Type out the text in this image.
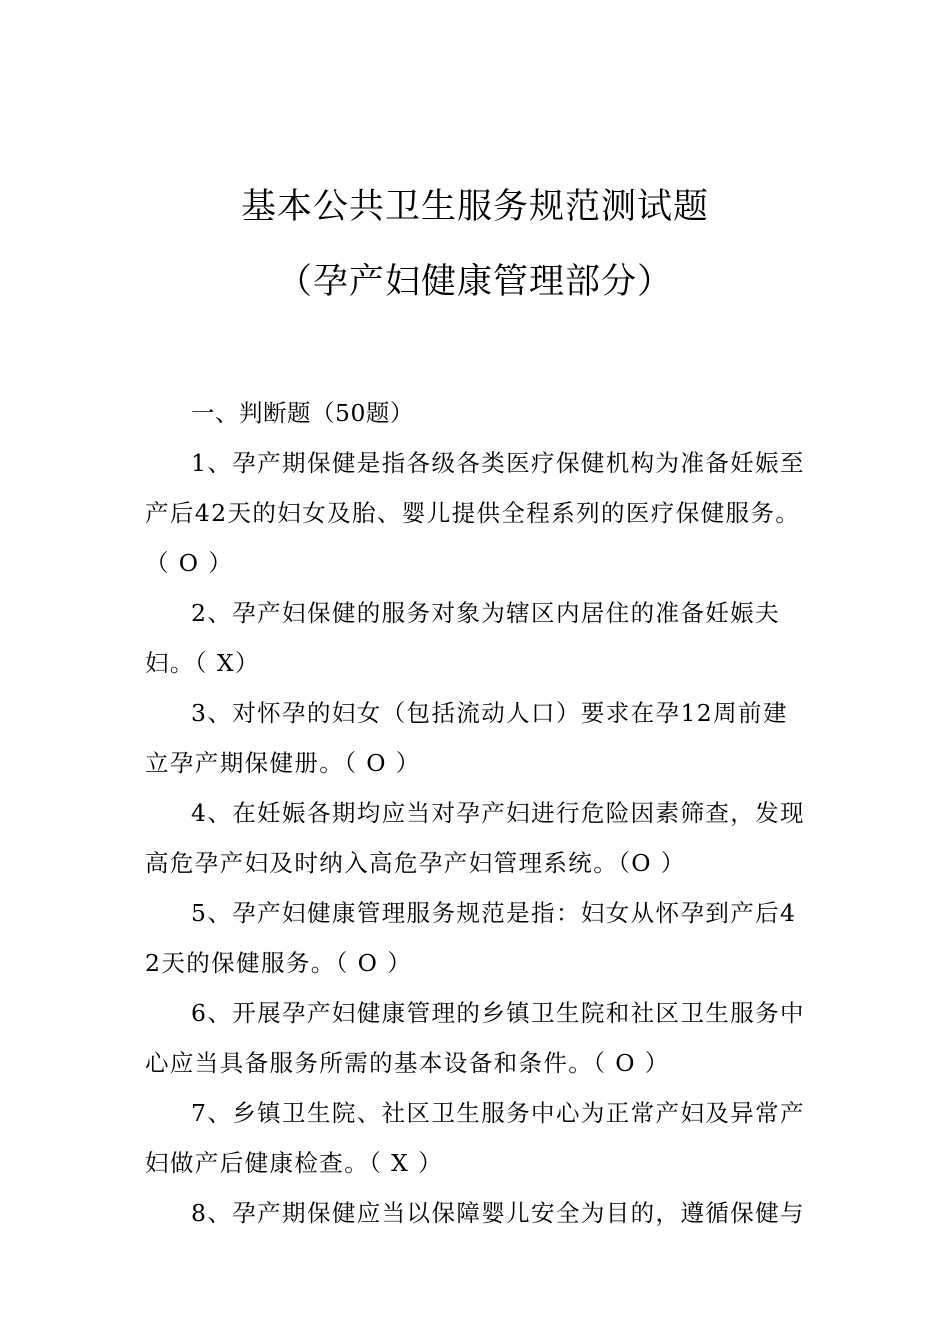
基本公共卫生服务规范测试题
（孕产妇健康管理部分）

一、判断题（50题）

1、孕产期保健是指各级各类医疗保健机构为准备妊娠至产后42天的妇女及胎、婴儿提供全程系列的医疗保健服务。（ O ）

2、孕产妇保健的服务对象为辖区内居住的准备妊娠夫妇。（ X）

3、对怀孕的妇女（包括流动人口）要求在孕12周前建立孕产期保健册。（ O ）

4、在妊娠各期均应当对孕产妇进行危险因素筛查，发现高危孕产妇及时纳入高危孕产妇管理系统。（O ）

5、孕产妇健康管理服务规范是指：妇女从怀孕到产后42天的保健服务。（ O ）

6、开展孕产妇健康管理的乡镇卫生院和社区卫生服务中心应当具备服务所需的基本设备和条件。（ O ）

7、乡镇卫生院、社区卫生服务中心为正常产妇及异常产妇做产后健康检查。（ X ）

8、孕产期保健应当以保障婴儿安全为目的，遵循保健与
